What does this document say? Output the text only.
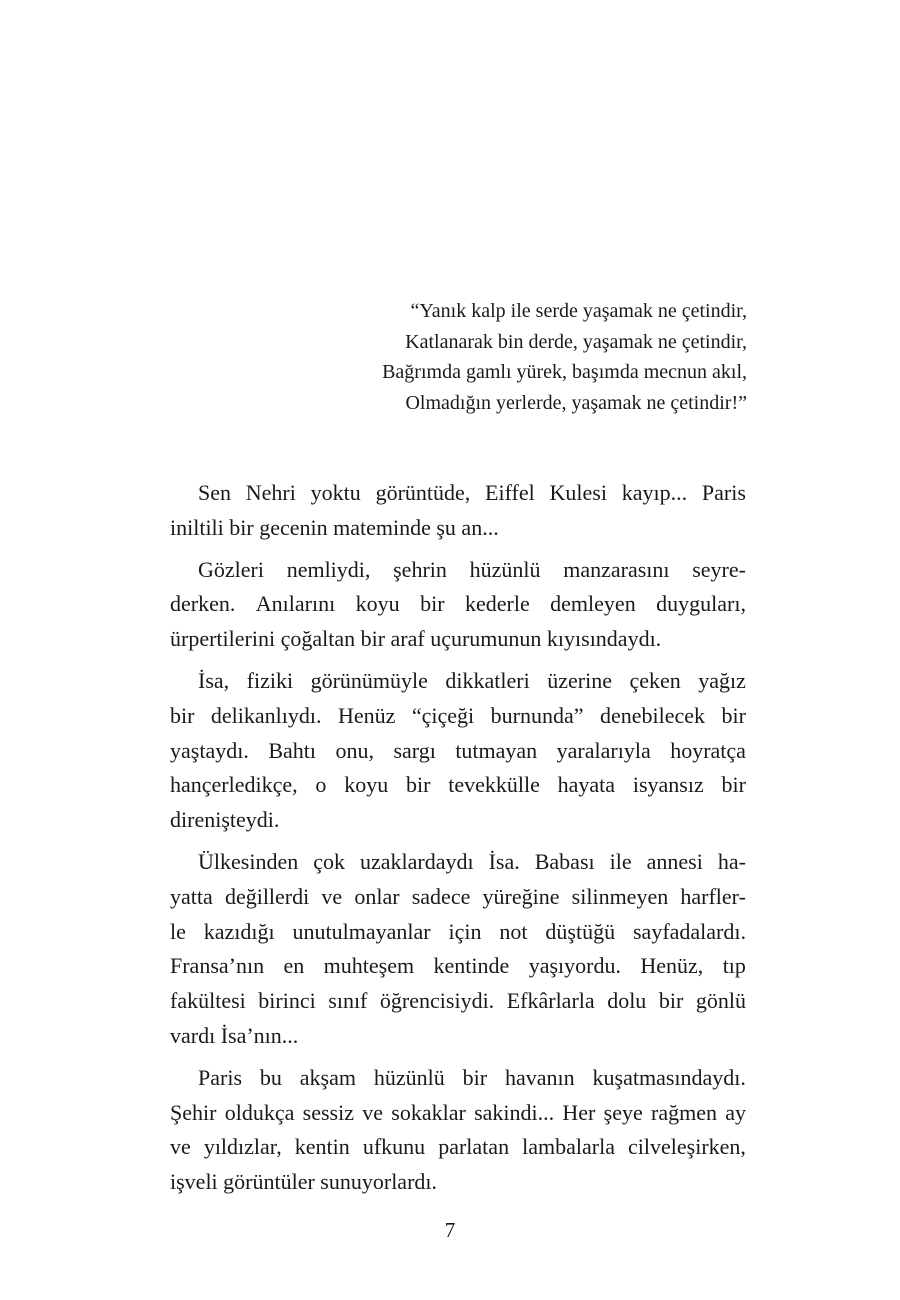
“Yanık kalp ile serde yaşamak ne çetindir,
Katlanarak bin derde, yaşamak ne çetindir,
Bağrımda gamlı yürek, başımda mecnun akıl,
Olmadığın yerlerde, yaşamak ne çetindir!”
Sen Nehri yoktu görüntüde, Eiffel Kulesi kayıp... Paris
iniltili bir gecenin mateminde şu an...
Gözleri nemliydi, şehrin hüzünlü manzarasını seyre-
derken. Anılarını koyu bir kederle demleyen duyguları,
ürpertilerini çoğaltan bir araf uçurumunun kıyısındaydı.
İsa, fiziki görünümüyle dikkatleri üzerine çeken yağız
bir delikanlıydı. Henüz “çiçeği burnunda” denebilecek bir
yaştaydı. Bahtı onu, sargı tutmayan yaralarıyla hoyratça
hançerledikçe, o koyu bir tevekkülle hayata isyansız bir
direnişteydi.
Ülkesinden çok uzaklardaydı İsa. Babası ile annesi ha-
yatta değillerdi ve onlar sadece yüreğine silinmeyen harfler-
le kazıdığı unutulmayanlar için not düştüğü sayfadalardı.
Fransa’nın en muhteşem kentinde yaşıyordu. Henüz, tıp
fakültesi birinci sınıf öğrencisiydi. Efkârlarla dolu bir gönlü
vardı İsa’nın...
Paris bu akşam hüzünlü bir havanın kuşatmasındaydı.
Şehir oldukça sessiz ve sokaklar sakindi... Her şeye rağmen ay
ve yıldızlar, kentin ufkunu parlatan lambalarla cilveleşirken,
işveli görüntüler sunuyorlardı.
7
